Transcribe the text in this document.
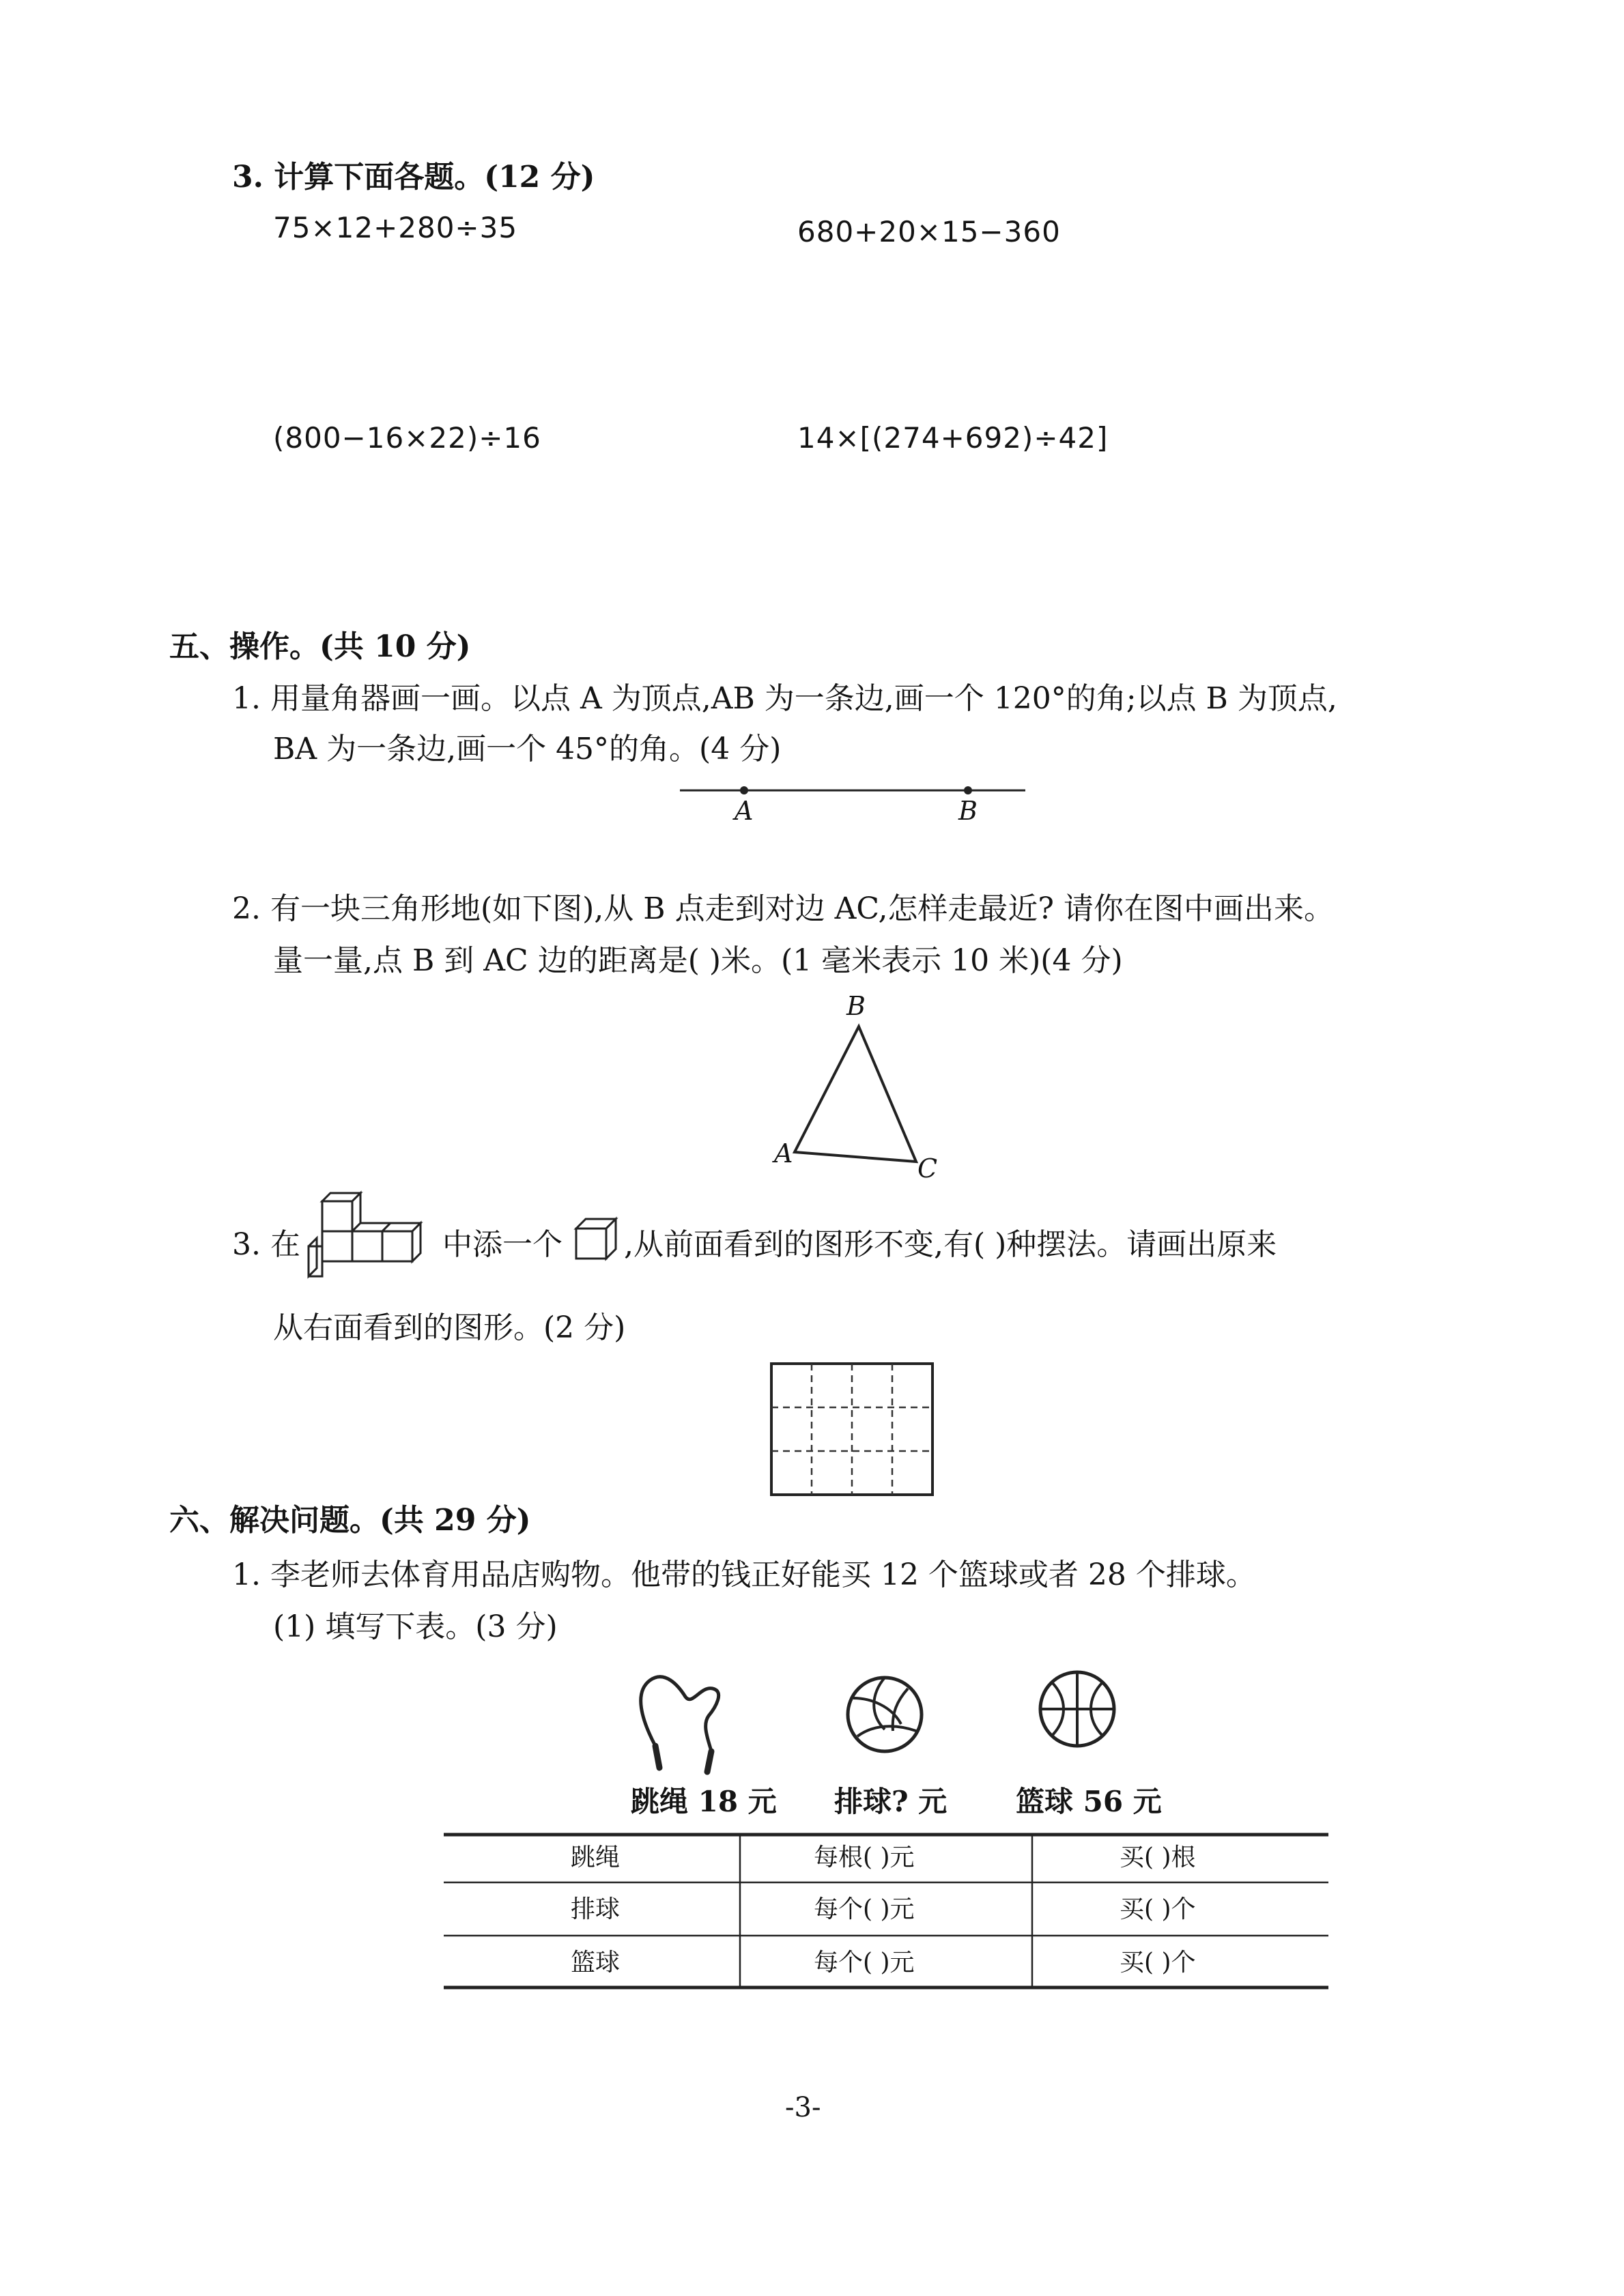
3. 计算下面各题。(12 分)
75×12+280÷35	680+20×15−360
(800−16×22)÷16	14×[(274+692)÷42]
五、操作。(共 10 分)
1. 用量角器画一画。以点 A 为顶点,AB 为一条边,画一个 120°的角;以点 B 为顶点,
BA 为一条边,画一个 45°的角。(4 分)
A	B
2. 有一块三角形地(如下图),从 B 点走到对边 AC,怎样走最近? 请你在图中画出来。
量一量,点 B 到 AC 边的距离是( )米。(1 毫米表示 10 米)(4 分)
B
A	C
3. 在	中添一个 ,从前面看到的图形不变,有( )种摆法。请画出原来
从右面看到的图形。(2 分)
六、解决问题。(共 29 分)
1. 李老师去体育用品店购物。他带的钱正好能买 12 个篮球或者 28 个排球。
(1) 填写下表。(3 分)
跳绳 18 元 排球? 元 篮球 56 元
跳绳	每根( )元	买( )根
排球	每个( )元	买( )个
篮球	每个( )元	买( )个
-3-
